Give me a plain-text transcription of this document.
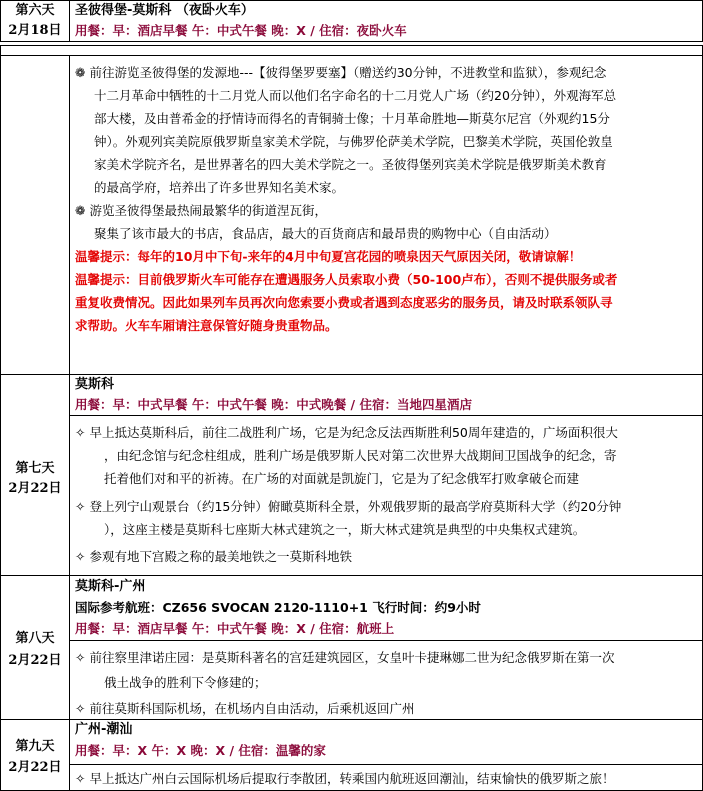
第六天
2月18日
圣彼得堡-莫斯科 （夜卧火车）
用餐：早：酒店早餐 午：中式午餐 晚：X / 住宿：夜卧火车
❁ 前往游览圣彼得堡的发源地---【彼得堡罗要塞】（赠送约30分钟，不进教堂和监狱），参观纪念
十二月革命中牺牲的十二月党人而以他们名字命名的十二月党人广场（约20分钟），外观海军总
部大楼，及由普希金的抒情诗而得名的青铜骑士像；十月革命胜地—斯莫尔尼宫（外观约15分
钟）。外观列宾美院原俄罗斯皇家美术学院，与佛罗伦萨美术学院，巴黎美术学院，英国伦敦皇
家美术学院齐名，是世界著名的四大美术学院之一。圣彼得堡列宾美术学院是俄罗斯美术教育
的最高学府，培养出了许多世界知名美术家。
❁ 游览圣彼得堡最热闹最繁华的街道涅瓦街，
聚集了该市最大的书店，食品店，最大的百货商店和最昂贵的购物中心（自由活动）
温馨提示：每年的10月中下旬-来年的4月中旬夏宫花园的喷泉因天气原因关闭，敬请谅解！
温馨提示：目前俄罗斯火车可能存在遭遇服务人员索取小费（50-100卢布），否则不提供服务或者
重复收费情况。因此如果列车员再次向您索要小费或者遇到态度恶劣的服务员，请及时联系领队寻
求帮助。火车车厢请注意保管好随身贵重物品。
第七天
2月22日
莫斯科
用餐：早：中式早餐 午：中式午餐 晚：中式晚餐 / 住宿：当地四星酒店
✧ 早上抵达莫斯科后，前往二战胜利广场，它是为纪念反法西斯胜利50周年建造的，广场面积很大
，由纪念馆与纪念柱组成，胜利广场是俄罗斯人民对第二次世界大战期间卫国战争的纪念，寄
托着他们对和平的祈祷。在广场的对面就是凯旋门，它是为了纪念俄军打败拿破仑而建
✧ 登上列宁山观景台（约15分钟）俯瞰莫斯科全景，外观俄罗斯的最高学府莫斯科大学（约20分钟
），这座主楼是莫斯科七座斯大林式建筑之一，斯大林式建筑是典型的中央集权式建筑。
✧ 参观有地下宫殿之称的最美地铁之一莫斯科地铁
第八天
2月22日
莫斯科-广州
国际参考航班：CZ656 SVOCAN 2120-1110+1 飞行时间：约9小时
用餐：早：酒店早餐 午：中式午餐 晚：X / 住宿：航班上
✧ 前往察里津诺庄园：是莫斯科著名的宫廷建筑园区，女皇叶卡捷琳娜二世为纪念俄罗斯在第一次
俄土战争的胜利下令修建的；
✧ 前往莫斯科国际机场，在机场内自由活动，后乘机返回广州
第九天
2月22日
广州-潮汕
用餐：早：X 午：X 晚：X / 住宿：温馨的家
✧ 早上抵达广州白云国际机场后提取行李散团，转乘国内航班返回潮汕，结束愉快的俄罗斯之旅！
